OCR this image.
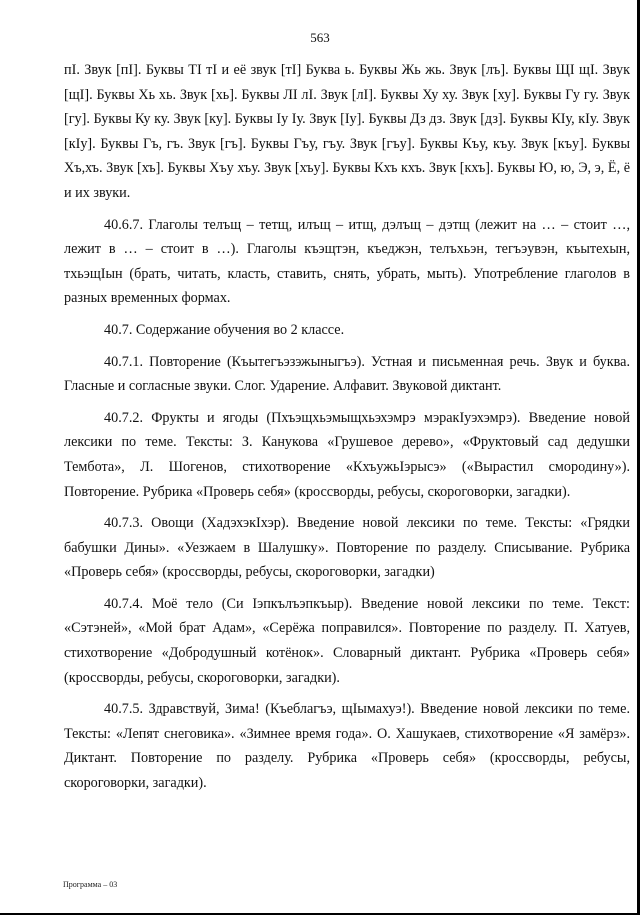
563

пI. Звук [пI]. Буквы ТI тI и её звук [тI] Буква ь. Буквы Жь жь. Звук [лъ]. Буквы ЩI щI. Звук [щI]. Буквы Хь хь. Звук [хь]. Буквы ЛI лI. Звук [лI]. Буквы Ху ху. Звук [ху]. Буквы Гу гу. Звук [гу]. Буквы Ку ку. Звук [ку]. Буквы Iу Iу. Звук [Iу]. Буквы Дз дз. Звук [дз]. Буквы КIу, кIу. Звук [кIу]. Буквы Гъ, гъ. Звук [гъ]. Буквы Гъу, гъу. Звук [гъу]. Буквы Къу, къу. Звук [къу]. Буквы Хъ,хъ. Звук [хъ]. Буквы Хъу хъу. Звук [хъу]. Буквы Кхъ кхъ. Звук [кхъ]. Буквы Ю, ю, Э, э, Ё, ё и их звуки.

40.6.7. Глаголы телъщ – тетщ, илъщ – итщ, дэлъщ – дэтщ (лежит на … – стоит …, лежит в … – стоит в …). Глаголы къэщтэн, къеджэн, телъхьэн, тегъэувэн, къытехын, тхьэщIын (брать, читать, класть, ставить, снять, убрать, мыть). Употребление глаголов в разных временных формах.

40.7. Содержание обучения во 2 классе.

40.7.1. Повторение (Къытегъэзэжыныгъэ). Устная и письменная речь. Звук и буква. Гласные и согласные звуки. Слог. Ударение. Алфавит. Звуковой диктант.

40.7.2. Фрукты и ягоды (Пхъэщхьэмыщхьэхэмрэ мэракIуэхэмрэ). Введение новой лексики по теме. Тексты: З. Канукова «Грушевое дерево», «Фруктовый сад дедушки Тембота», Л. Шогенов, стихотворение «КхъужьIэрысэ» («Вырастил смородину»). Повторение. Рубрика «Проверь себя» (кроссворды, ребусы, скороговорки, загадки).

40.7.3. Овощи (ХадэхэкIхэр). Введение новой лексики по теме. Тексты: «Грядки бабушки Дины». «Уезжаем в Шалушку». Повторение по разделу. Списывание. Рубрика «Проверь себя» (кроссворды, ребусы, скороговорки, загадки)

40.7.4. Моё тело (Си Iэпкълъэпкъыр). Введение новой лексики по теме. Текст: «Сэтэней», «Мой брат Адам», «Серёжа поправился». Повторение по разделу. П. Хатуев, стихотворение «Добродушный котёнок». Словарный диктант. Рубрика «Проверь себя» (кроссворды, ребусы, скороговорки, загадки).

40.7.5. Здравствуй, Зима! (Къеблагъэ, щIымахуэ!). Введение новой лексики по теме. Тексты: «Лепят снеговика». «Зимнее время года». О. Хашукаев, стихотворение «Я замёрз». Диктант. Повторение по разделу. Рубрика «Проверь себя» (кроссворды, ребусы, скороговорки, загадки).

Программа – 03
